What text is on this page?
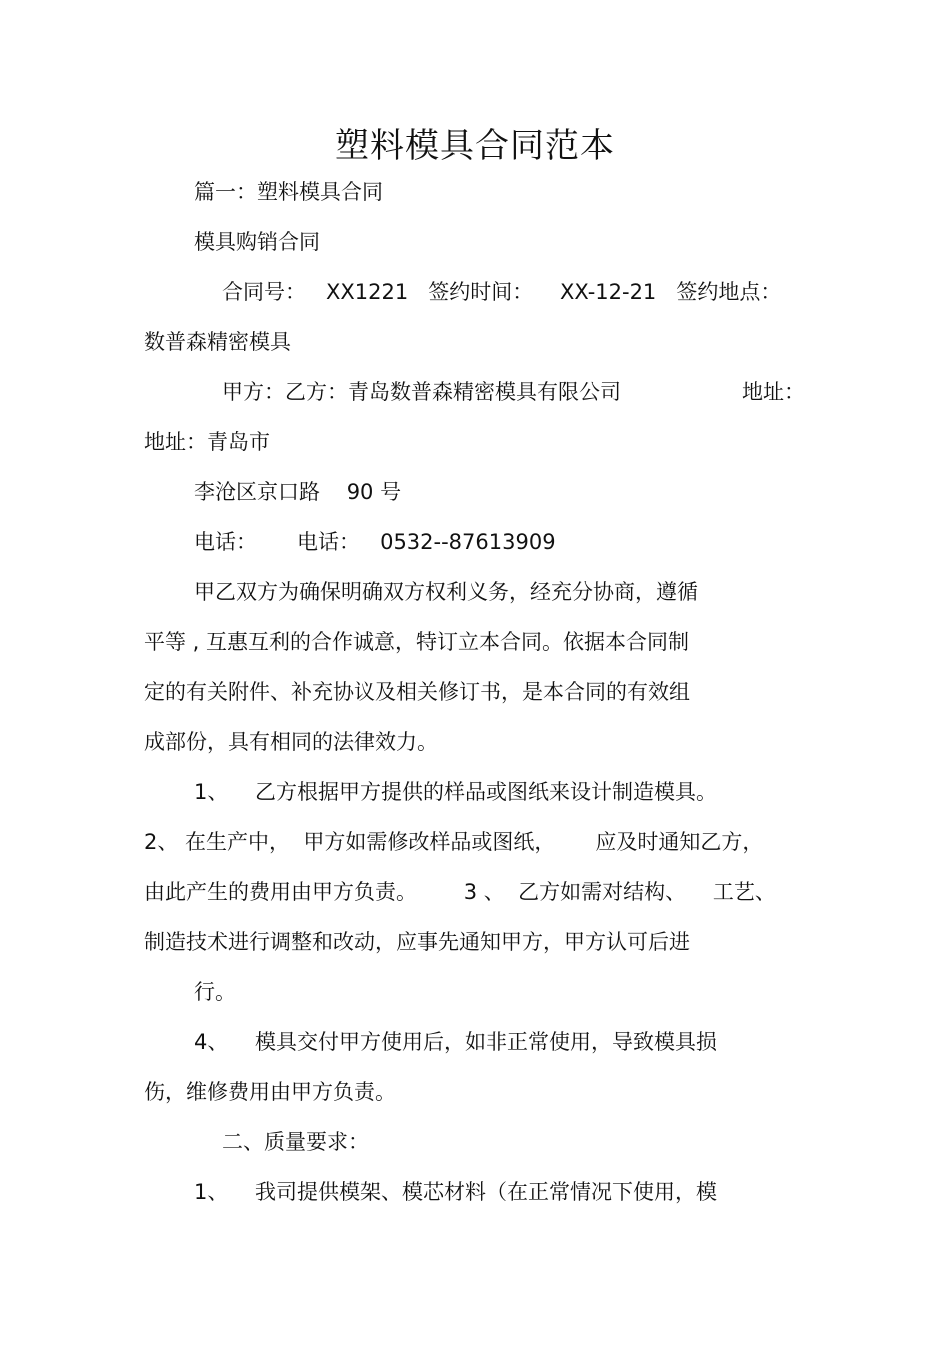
塑料模具合同范本
篇一：塑料模具合同
模具购销合同
合同号：   XX1221   签约时间：    XX-12-21   签约地点：
数普森精密模具
甲方：乙方：青岛数普森精密模具有限公司	地址：
地址：青岛市
李沧区京口路    90 号
电话：      电话：   0532--87613909
甲乙双方为确保明确双方权利义务，经充分协商，遵循
平等 , 互惠互利的合作诚意，特订立本合同。依据本合同制
定的有关附件、补充协议及相关修订书，是本合同的有效组
成部份，具有相同的法律效力。
1、    乙方根据甲方提供的样品或图纸来设计制造模具。
2、 在生产中，  甲方如需修改样品或图纸，      应及时通知乙方，
由此产生的费用由甲方负责。       3 、  乙方如需对结构、    工艺、
制造技术进行调整和改动，应事先通知甲方，甲方认可后进
行。
4、    模具交付甲方使用后，如非正常使用，导致模具损
伤，维修费用由甲方负责。
二、质量要求：
1、    我司提供模架、模芯材料（在正常情况下使用，模
